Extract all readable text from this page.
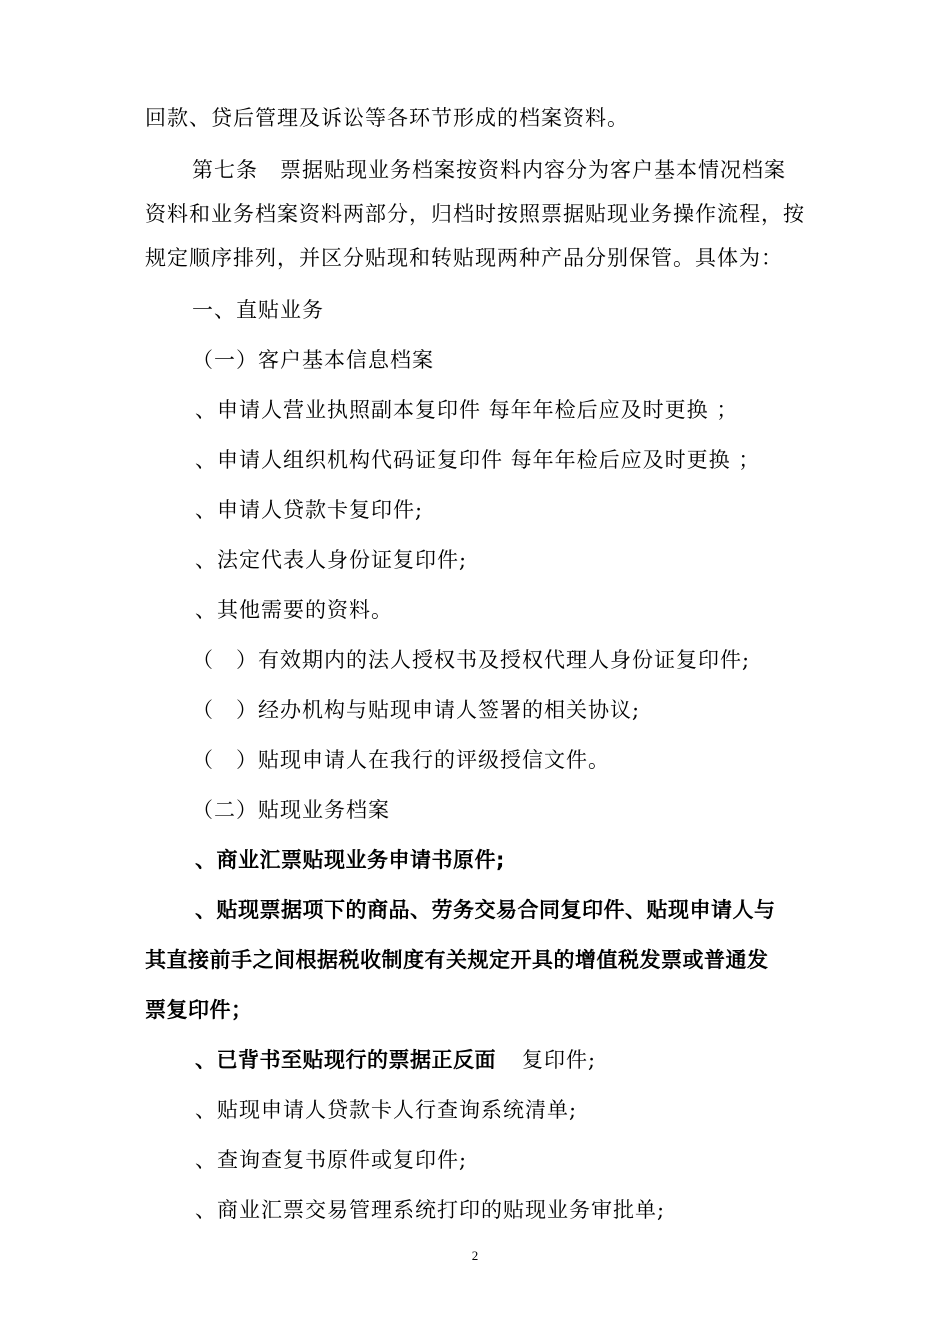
回款、贷后管理及诉讼等各环节形成的档案资料。
第七条　票据贴现业务档案按资料内容分为客户基本情况档案
资料和业务档案资料两部分，归档时按照票据贴现业务操作流程，按
规定顺序排列，并区分贴现和转贴现两种产品分别保管。具体为：
一、直贴业务
（一）客户基本信息档案
、申请人营业执照副本复印件 每年年检后应及时更换 ；
、申请人组织机构代码证复印件 每年年检后应及时更换 ；
、申请人贷款卡复印件;
、法定代表人身份证复印件;
、其他需要的资料。
（　）有效期内的法人授权书及授权代理人身份证复印件;
（　）经办机构与贴现申请人签署的相关协议;
（　）贴现申请人在我行的评级授信文件。
（二）贴现业务档案
、商业汇票贴现业务申请书原件;
、贴现票据项下的商品、劳务交易合同复印件、贴现申请人与
其直接前手之间根据税收制度有关规定开具的增值税发票或普通发
票复印件；
、已背书至贴现行的票据正反面 复印件;
、贴现申请人贷款卡人行查询系统清单;
、查询查复书原件或复印件;
、商业汇票交易管理系统打印的贴现业务审批单;
2
